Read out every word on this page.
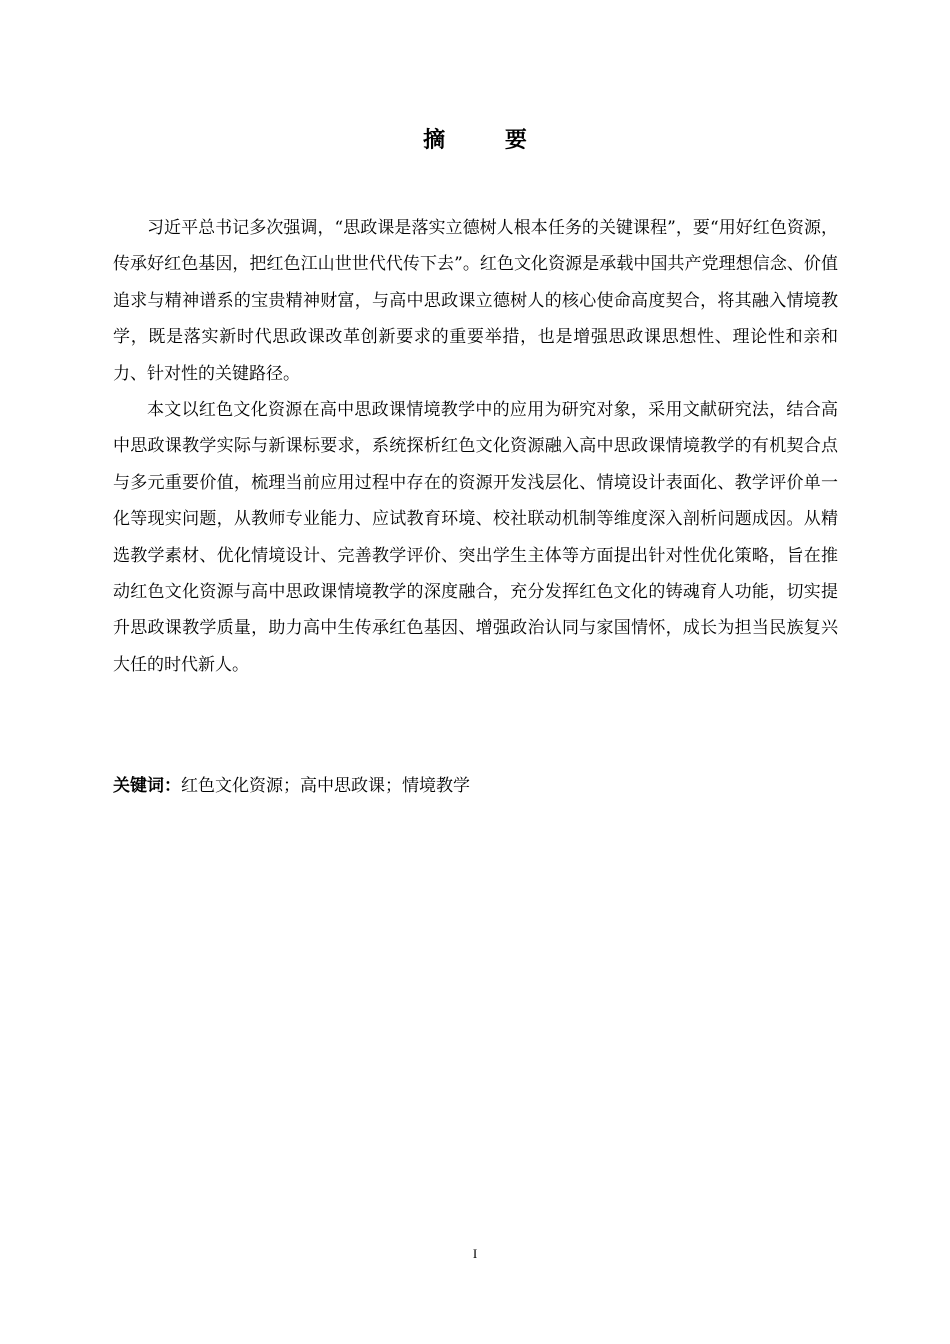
摘 要

习近平总书记多次强调，“思政课是落实立德树人根本任务的关键课程”，要“用好红色资源，传承好红色基因，把红色江山世世代代传下去”。红色文化资源是承载中国共产党理想信念、价值追求与精神谱系的宝贵精神财富，与高中思政课立德树人的核心使命高度契合，将其融入情境教学，既是落实新时代思政课改革创新要求的重要举措，也是增强思政课思想性、理论性和亲和力、针对性的关键路径。

本文以红色文化资源在高中思政课情境教学中的应用为研究对象，采用文献研究法，结合高中思政课教学实际与新课标要求，系统探析红色文化资源融入高中思政课情境教学的有机契合点与多元重要价值，梳理当前应用过程中存在的资源开发浅层化、情境设计表面化、教学评价单一化等现实问题，从教师专业能力、应试教育环境、校社联动机制等维度深入剖析问题成因。从精选教学素材、优化情境设计、完善教学评价、突出学生主体等方面提出针对性优化策略，旨在推动红色文化资源与高中思政课情境教学的深度融合，充分发挥红色文化的铸魂育人功能，切实提升思政课教学质量，助力高中生传承红色基因、增强政治认同与家国情怀，成长为担当民族复兴大任的时代新人。

关键词：红色文化资源；高中思政课；情境教学

I
